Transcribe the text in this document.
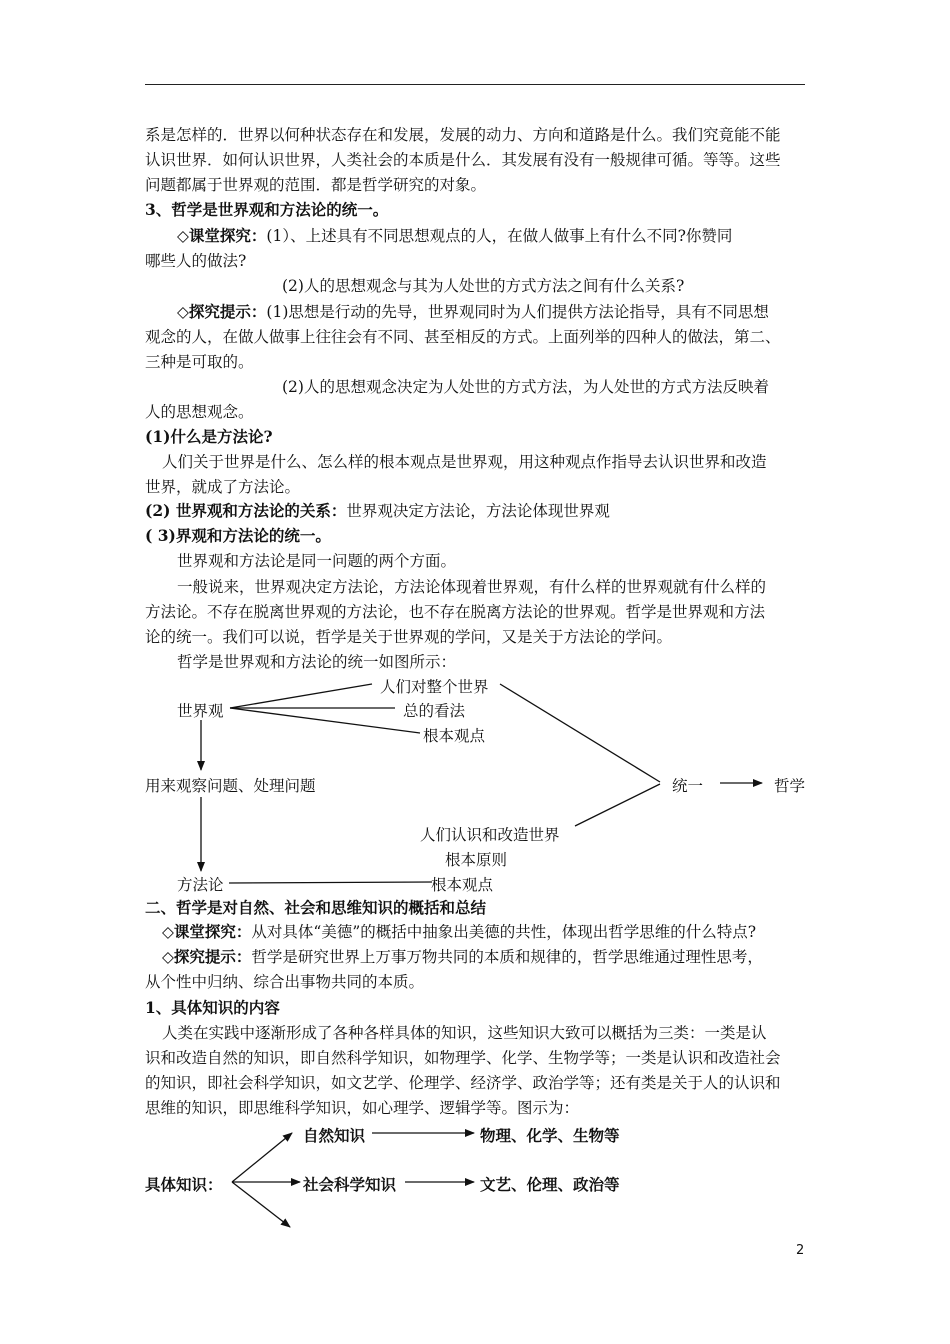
系是怎样的．世界以何种状态存在和发展，发展的动力、方向和道路是什么。我们究竟能不能
认识世界．如何认识世界，人类社会的本质是什么．其发展有没有一般规律可循。等等。这些
问题都属于世界观的范围．都是哲学研究的对象。
3、哲学是世界观和方法论的统一。
◇课堂探究：(1）、上述具有不同思想观点的人，在做人做事上有什么不同?你赞同
哪些人的做法?
(2)人的思想观念与其为人处世的方式方法之间有什么关系?
◇探究提示：(1)思想是行动的先导，世界观同时为人们提供方法论指导，具有不同思想
观念的人，在做人做事上往往会有不同、甚至相反的方式。上面列举的四种人的做法，第二、
三种是可取的。
(2)人的思想观念决定为人处世的方式方法，为人处世的方式方法反映着
人的思想观念。
(1)什么是方法论?
人们关于世界是什么、怎么样的根本观点是世界观，用这种观点作指导去认识世界和改造
世界，就成了方法论。
(2) 世界观和方法论的关系：世界观决定方法论，方法论体现世界观
( 3)界观和方法论的统一。
世界观和方法论是同一问题的两个方面。
一般说来，世界观决定方法论，方法论体现着世界观，有什么样的世界观就有什么样的
方法论。不存在脱离世界观的方法论，也不存在脱离方法论的世界观。哲学是世界观和方法
论的统一。我们可以说，哲学是关于世界观的学问，又是关于方法论的学问。
哲学是世界观和方法论的统一如图所示：
世界观
人们对整个世界
总的看法
根本观点
用来观察问题、处理问题	统一	哲学
人们认识和改造世界
根本原则
根本观点
方法论
二、哲学是对自然、社会和思维知识的概括和总结
◇课堂探究：从对具体“美德”的概括中抽象出美德的共性，体现出哲学思维的什么特点?
◇探究提示：哲学是研究世界上万事万物共同的本质和规律的，哲学思维通过理性思考，
从个性中归纳、综合出事物共同的本质。
1、具体知识的内容
人类在实践中逐渐形成了各种各样具体的知识，这些知识大致可以概括为三类：一类是认
识和改造自然的知识，即自然科学知识，如物理学、化学、生物学等；一类是认识和改造社会
的知识，即社会科学知识，如文艺学、伦理学、经济学、政治学等；还有类是关于人的认识和
思维的知识，即思维科学知识，如心理学、逻辑学等。图示为：
具体知识：
自然知识	物理、化学、生物等
社会科学知识	文艺、伦理、政治等
2
